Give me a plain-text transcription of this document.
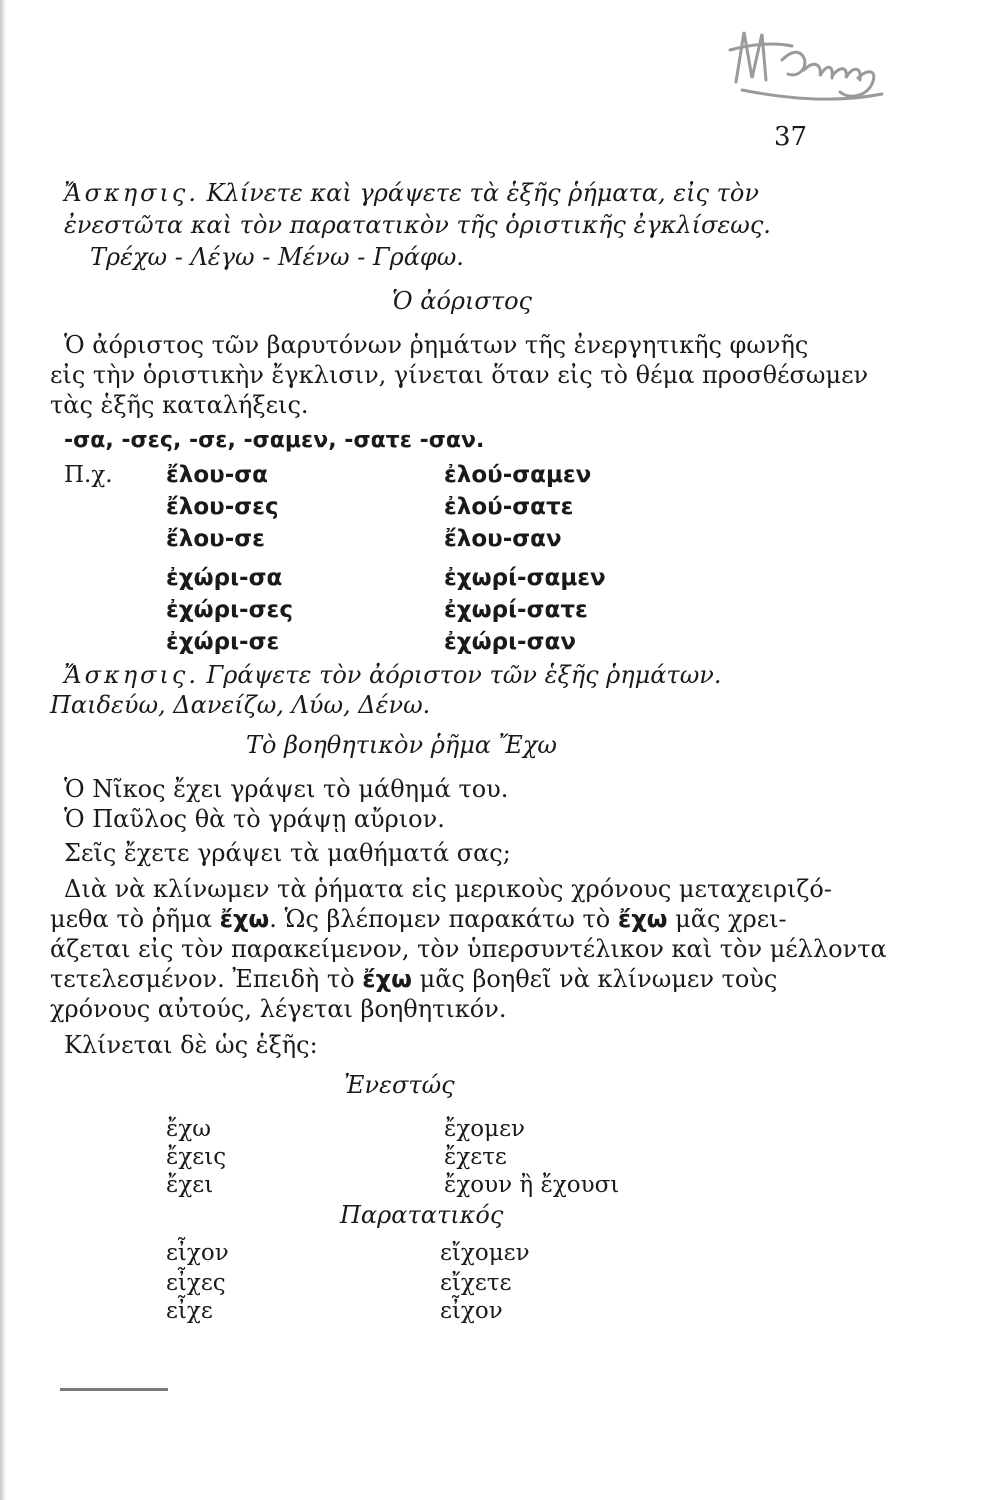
37
Ἄσκησις. Κλίνετε καὶ γράψετε τὰ ἑξῆς ῥήματα, εἰς τὸν
ἐνεστῶτα καὶ τὸν παρατατικὸν τῆς ὁριστικῆς ἐγκλίσεως.
Τρέχω - Λέγω - Μένω - Γράφω.
Ὁ ἀόριστος
Ὁ ἀόριστος τῶν βαρυτόνων ῥημάτων τῆς ἐνεργητικῆς φωνῆς
εἰς τὴν ὁριστικὴν ἔγκλισιν, γίνεται ὅταν εἰς τὸ θέμα προσθέσωμεν
τὰς ἑξῆς καταλήξεις.
-σα, -σες, -σε, -σαμεν, -σατε -σαν.
Π.χ. ἔλου-σα	ἐλού-σαμεν
ἔλου-σες	ἐλού-σατε
ἔλου-σε	ἔλου-σαν
ἐχώρι-σα	ἐχωρί-σαμεν
ἐχώρι-σες	ἐχωρί-σατε
ἐχώρι-σε	ἐχώρι-σαν
Ἄσκησις. Γράψετε τὸν ἀόριστον τῶν ἑξῆς ῥημάτων.
Παιδεύω, Δανείζω, Λύω, Δένω.
Τὸ βοηθητικὸν ῥῆμα Ἔχω
Ὁ Νῖκος ἔχει γράψει τὸ μάθημά του.
Ὁ Παῦλος θὰ τὸ γράψῃ αὔριον.
Σεῖς ἔχετε γράψει τὰ μαθήματά σας;
Διὰ νὰ κλίνωμεν τὰ ῥήματα εἰς μερικοὺς χρόνους μεταχειριζό-
μεθα τὸ ῥῆμα ἔχω. Ὡς βλέπομεν παρακάτω τὸ ἔχω μᾶς χρει-
άζεται εἰς τὸν παρακείμενον, τὸν ὑπερσυντέλικον καὶ τὸν μέλλοντα
τετελεσμένον. Ἐπειδὴ τὸ ἔχω μᾶς βοηθεῖ νὰ κλίνωμεν τοὺς
χρόνους αὐτούς, λέγεται βοηθητικόν.
Κλίνεται δὲ ὡς ἑξῆς:
Ἐνεστώς
ἔχω	ἔχομεν
ἔχεις	ἔχετε
ἔχει	ἔχουν ἢ ἔχουσι
Παρατατικός
εἶχον	εἴχομεν
εἶχες	εἴχετε
εἶχε	εἶχον
